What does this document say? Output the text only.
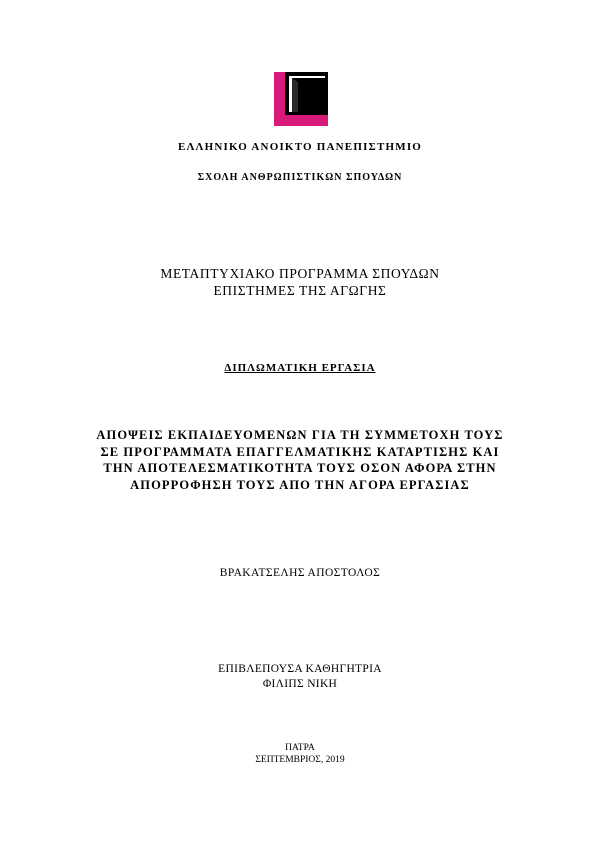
ΕΛΛΗΝΙΚΟ ΑΝΟΙΚΤΟ ΠΑΝΕΠΙΣΤΗΜΙΟ
ΣΧΟΛΗ ΑΝΘΡΩΠΙΣΤΙΚΩΝ ΣΠΟΥΔΩΝ
ΜΕΤΑΠΤΥΧΙΑΚΟ ΠΡΟΓΡΑΜΜΑ ΣΠΟΥΔΩΝ
ΕΠΙΣΤΗΜΕΣ ΤΗΣ ΑΓΩΓΗΣ
ΔΙΠΛΩΜΑΤΙΚΗ ΕΡΓΑΣΙΑ
ΑΠΟΨΕΙΣ ΕΚΠΑΙΔΕΥΟΜΕΝΩΝ ΓΙΑ ΤΗ ΣΥΜΜΕΤΟΧΗ ΤΟΥΣ
ΣΕ ΠΡΟΓΡΑΜΜΑΤΑ ΕΠΑΓΓΕΛΜΑΤΙΚΗΣ ΚΑΤΑΡΤΙΣΗΣ ΚΑΙ
ΤΗΝ ΑΠΟΤΕΛΕΣΜΑΤΙΚΟΤΗΤΑ ΤΟΥΣ ΟΣΟΝ ΑΦΟΡΑ ΣΤΗΝ
ΑΠΟΡΡΟΦΗΣΗ ΤΟΥΣ ΑΠΟ ΤΗΝ ΑΓΟΡΑ ΕΡΓΑΣΙΑΣ
ΒΡΑΚΑΤΣΕΛΗΣ ΑΠΟΣΤΟΛΟΣ
ΕΠΙΒΛΕΠΟΥΣΑ ΚΑΘΗΓΗΤΡΙΑ
ΦΙΛΙΠΣ ΝΙΚΗ
ΠΑΤΡΑ
ΣΕΠΤΕΜΒΡΙΟΣ, 2019
